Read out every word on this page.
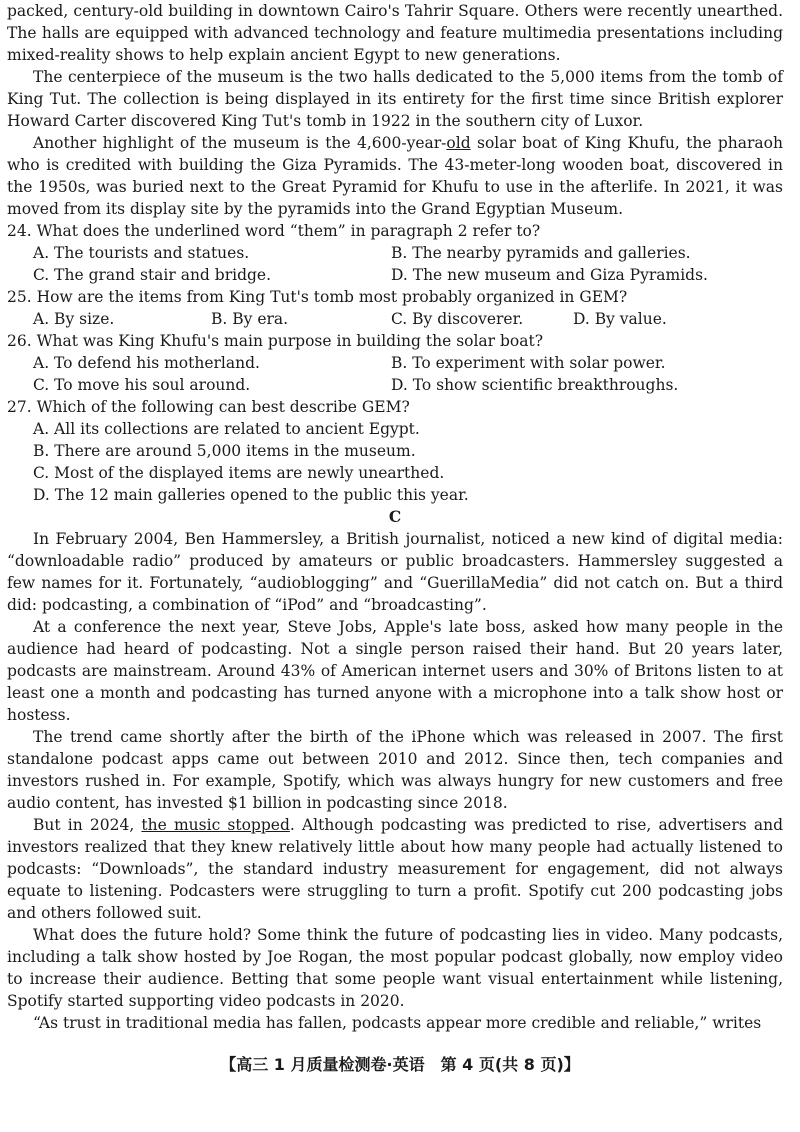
packed, century-old building in downtown Cairo's Tahrir Square. Others were recently unearthed. The halls are equipped with advanced technology and feature multimedia presentations including mixed-reality shows to help explain ancient Egypt to new generations.

The centerpiece of the museum is the two halls dedicated to the 5,000 items from the tomb of King Tut. The collection is being displayed in its entirety for the first time since British explorer Howard Carter discovered King Tut's tomb in 1922 in the southern city of Luxor.

Another highlight of the museum is the 4,600-year-old solar boat of King Khufu, the pharaoh who is credited with building the Giza Pyramids. The 43-meter-long wooden boat, discovered in the 1950s, was buried next to the Great Pyramid for Khufu to use in the afterlife. In 2021, it was moved from its display site by the pyramids into the Grand Egyptian Museum.

24. What does the underlined word “them” in paragraph 2 refer to?

A. The tourists and statues.	B. The nearby pyramids and galleries.
C. The grand stair and bridge.	D. The new museum and Giza Pyramids.

25. How are the items from King Tut's tomb most probably organized in GEM?

A. By size.	B. By era.	C. By discoverer.	D. By value.

26. What was King Khufu's main purpose in building the solar boat?

A. To defend his motherland.	B. To experiment with solar power.
C. To move his soul around.	D. To show scientific breakthroughs.

27. Which of the following can best describe GEM?

A. All its collections are related to ancient Egypt.
B. There are around 5,000 items in the museum.
C. Most of the displayed items are newly unearthed.
D. The 12 main galleries opened to the public this year.

C

In February 2004, Ben Hammersley, a British journalist, noticed a new kind of digital media: “downloadable radio” produced by amateurs or public broadcasters. Hammersley suggested a few names for it. Fortunately, “audioblogging” and “GuerillaMedia” did not catch on. But a third did: podcasting, a combination of “iPod” and “broadcasting”.

At a conference the next year, Steve Jobs, Apple's late boss, asked how many people in the audience had heard of podcasting. Not a single person raised their hand. But 20 years later, podcasts are mainstream. Around 43% of American internet users and 30% of Britons listen to at least one a month and podcasting has turned anyone with a microphone into a talk show host or hostess.

The trend came shortly after the birth of the iPhone which was released in 2007. The first standalone podcast apps came out between 2010 and 2012. Since then, tech companies and investors rushed in. For example, Spotify, which was always hungry for new customers and free audio content, has invested $1 billion in podcasting since 2018.

But in 2024, the music stopped. Although podcasting was predicted to rise, advertisers and investors realized that they knew relatively little about how many people had actually listened to podcasts: “Downloads”, the standard industry measurement for engagement, did not always equate to listening. Podcasters were struggling to turn a profit. Spotify cut 200 podcasting jobs and others followed suit.

What does the future hold? Some think the future of podcasting lies in video. Many podcasts, including a talk show hosted by Joe Rogan, the most popular podcast globally, now employ video to increase their audience. Betting that some people want visual entertainment while listening, Spotify started supporting video podcasts in 2020.

“As trust in traditional media has fallen, podcasts appear more credible and reliable,” writes

【高三 1 月质量检测卷·英语　第 4 页(共 8 页)】
